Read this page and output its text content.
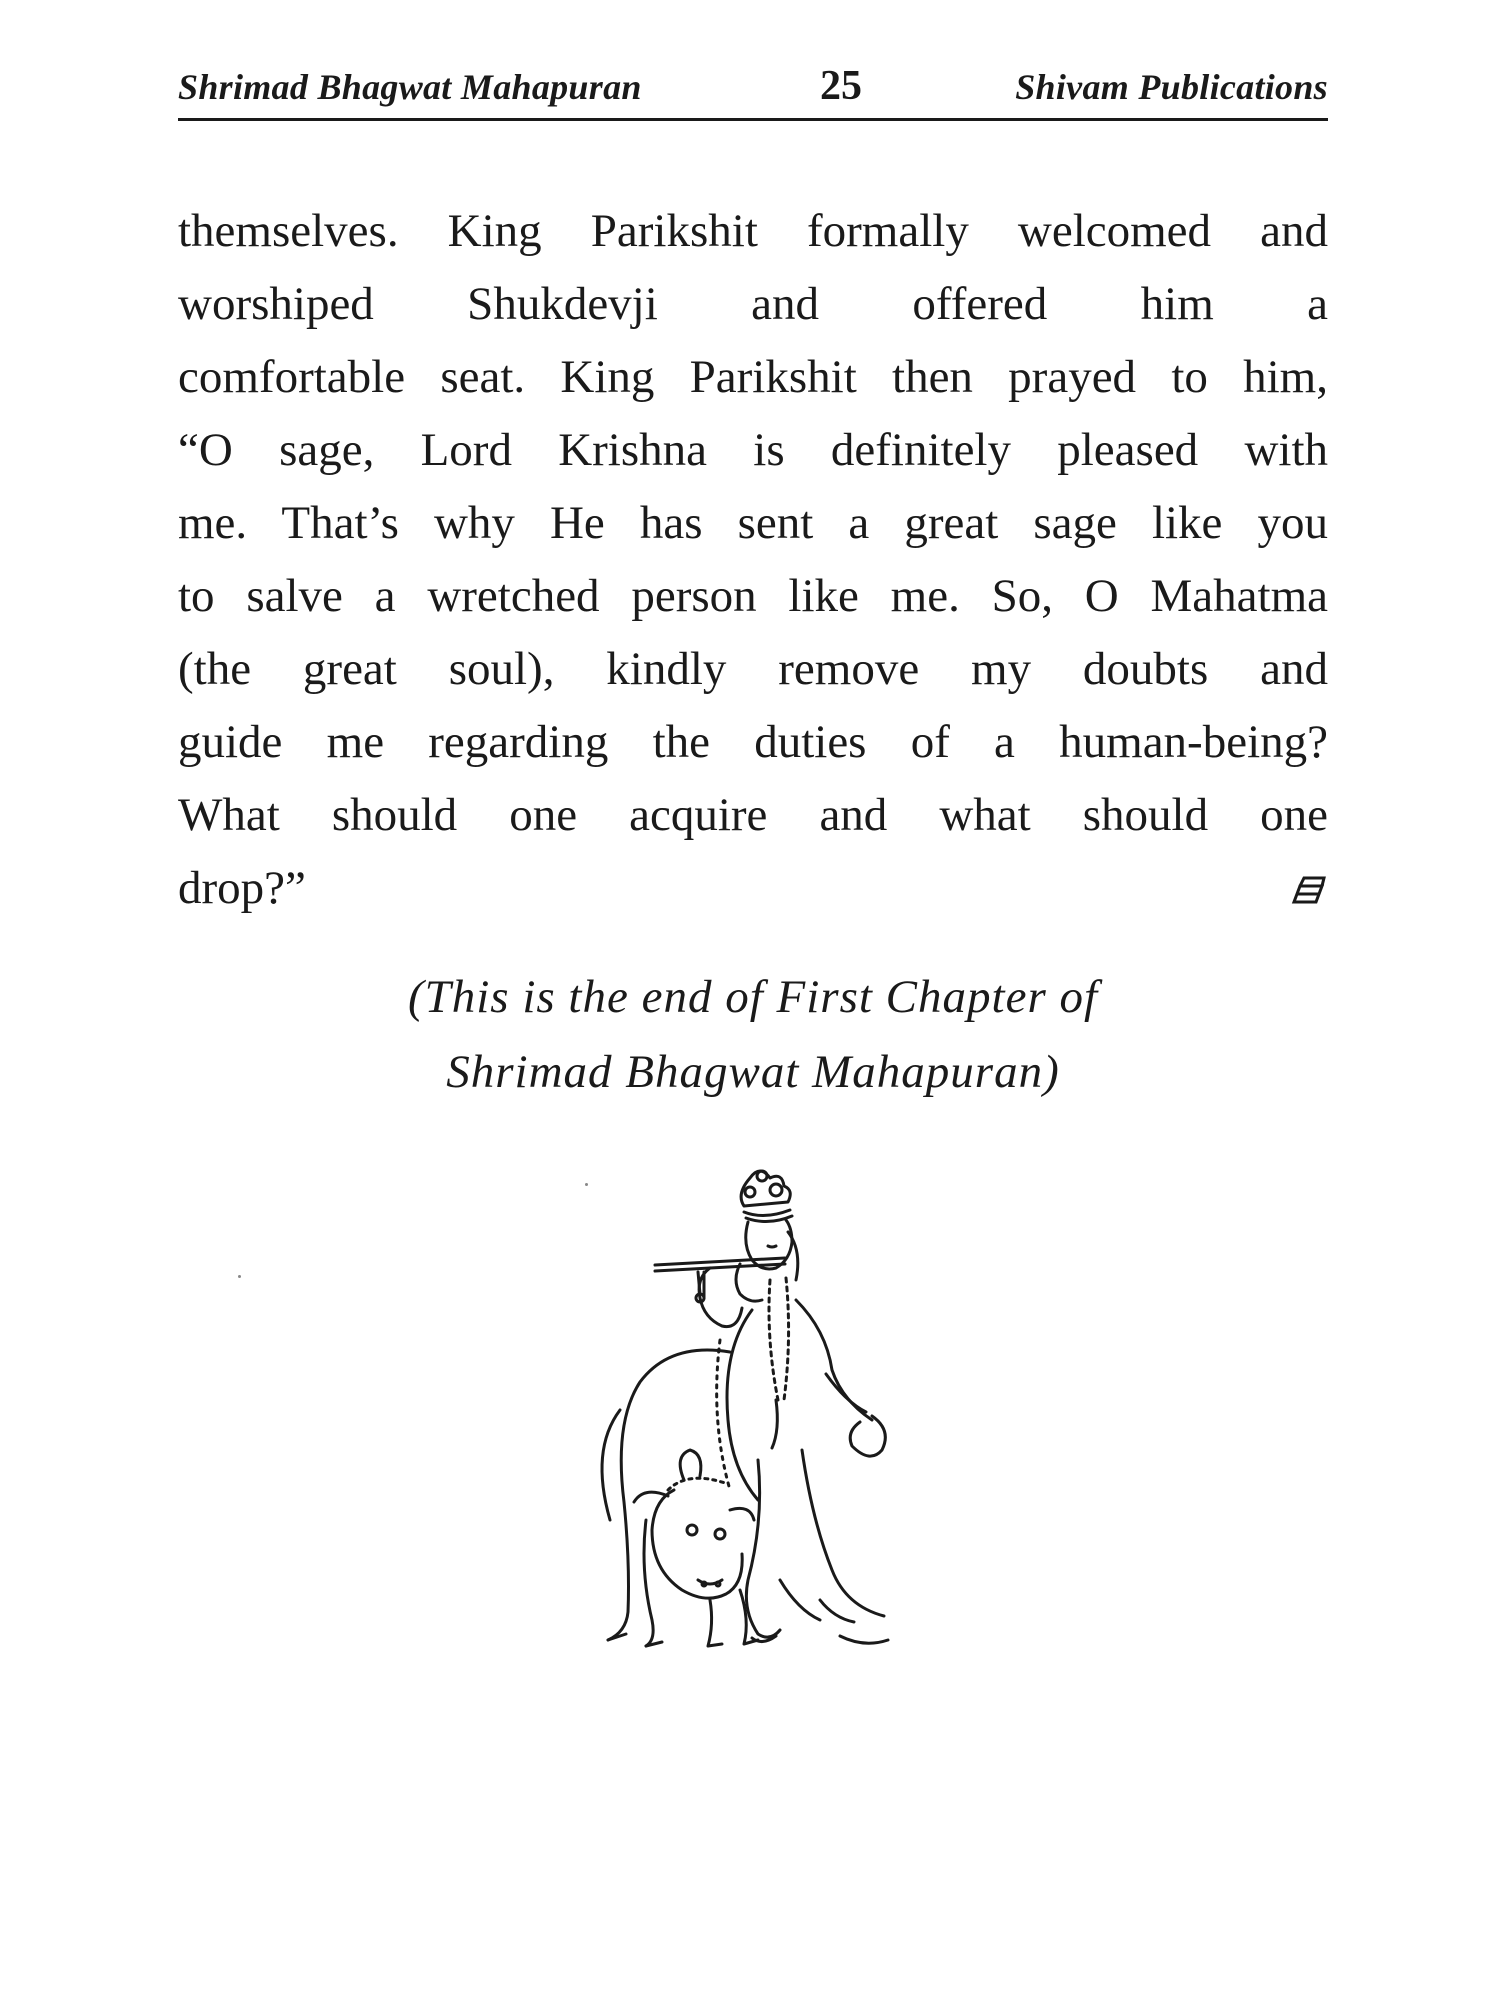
Shrimad Bhagwat Mahapuran	25	Shivam Publications
themselves. King Parikshit formally welcomed and
worshiped Shukdevji and offered him a
comfortable seat. King Parikshit then prayed to him,
“O sage, Lord Krishna is definitely pleased with
me. That’s why He has sent a great sage like you
to salve a wretched person like me. So, O Mahatma
(the great soul), kindly remove my doubts and
guide me regarding the duties of a human-being?
What should one acquire and what should one
drop?”
(This is the end of First Chapter of
Shrimad Bhagwat Mahapuran)
